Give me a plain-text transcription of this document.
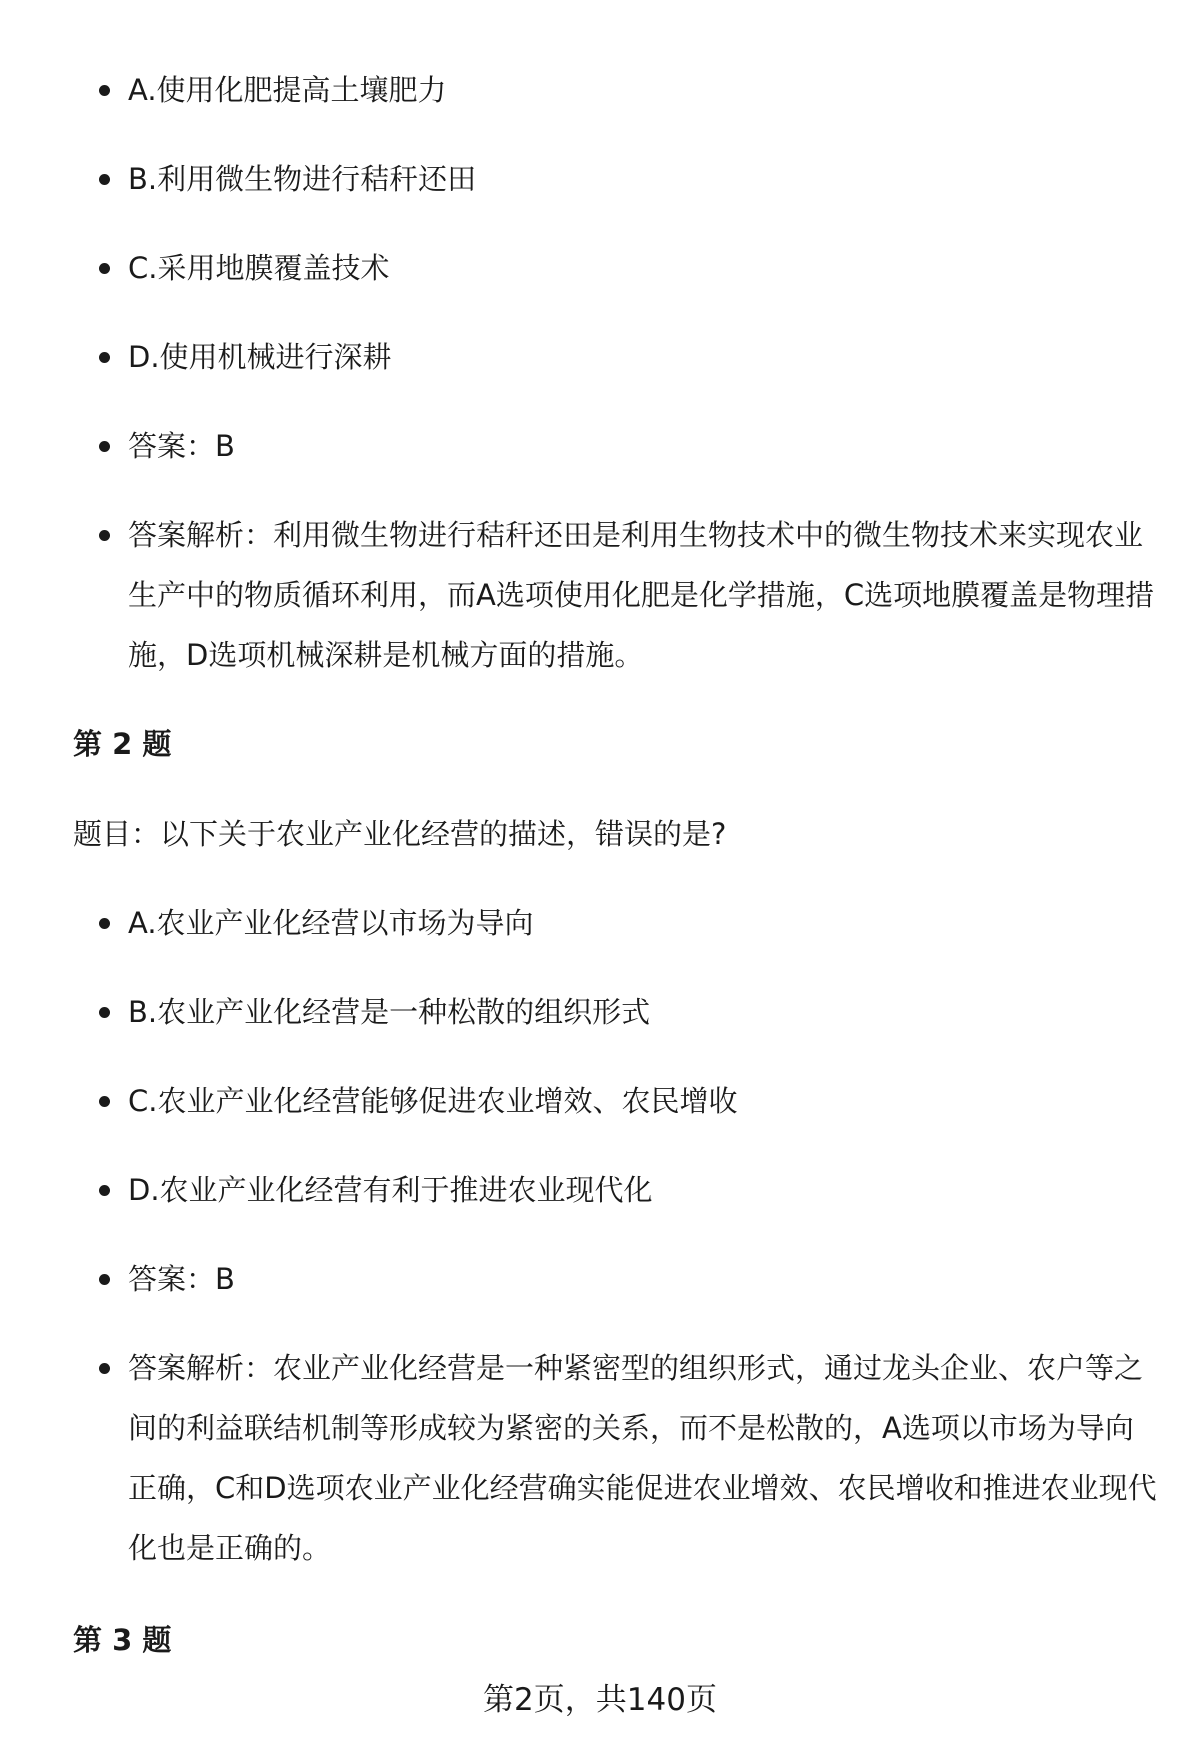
A.使用化肥提高土壤肥力
B.利用微生物进行秸秆还田
C.采用地膜覆盖技术
D.使用机械进行深耕
答案：B
答案解析：利用微生物进行秸秆还田是利用生物技术中的微生物技术来实现农业生产中的物质循环利用，而A选项使用化肥是化学措施，C选项地膜覆盖是物理措施，D选项机械深耕是机械方面的措施。
第 2 题
题目：以下关于农业产业化经营的描述，错误的是?
A.农业产业化经营以市场为导向
B.农业产业化经营是一种松散的组织形式
C.农业产业化经营能够促进农业增效、农民增收
D.农业产业化经营有利于推进农业现代化
答案：B
答案解析：农业产业化经营是一种紧密型的组织形式，通过龙头企业、农户等之间的利益联结机制等形成较为紧密的关系，而不是松散的，A选项以市场为导向正确，C和D选项农业产业化经营确实能促进农业增效、农民增收和推进农业现代化也是正确的。
第 3 题
第2页，共140页
